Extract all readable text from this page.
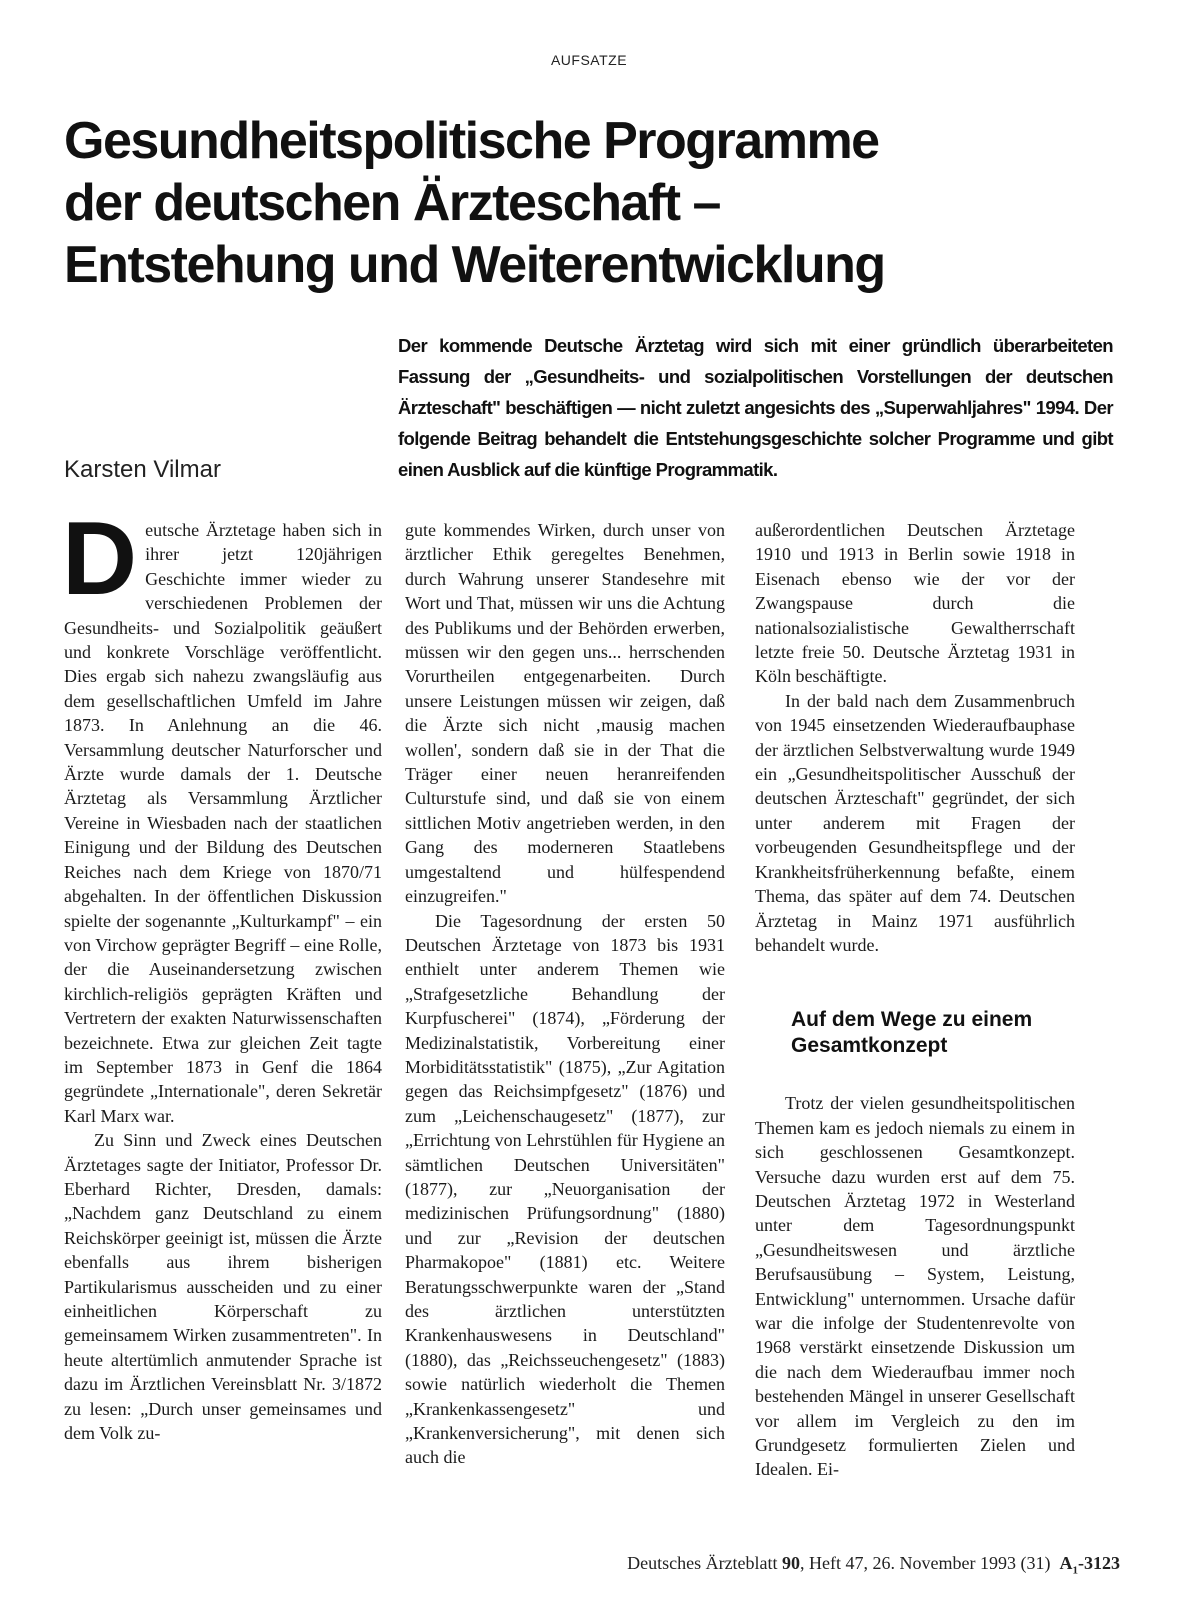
AUFSATZE
Gesundheitspolitische Programme
der deutschen Ärzteschaft –
Entstehung und Weiterentwicklung
Der kommende Deutsche Ärztetag wird sich mit einer gründlich überarbeiteten Fassung der „Gesundheits- und sozialpolitischen Vorstellungen der deutschen Ärzteschaft" beschäftigen — nicht zuletzt angesichts des „Superwahljahres" 1994. Der folgende Beitrag behandelt die Entstehungsgeschichte solcher Programme und gibt einen Ausblick auf die künftige Programmatik.
Karsten Vilmar

Deutsche Ärztetage haben sich in ihrer jetzt 120jährigen Geschichte immer wieder zu verschiedenen Problemen der Gesundheits- und Sozialpolitik geäußert und konkrete Vorschläge veröffentlicht. Dies ergab sich nahezu zwangsläufig aus dem gesellschaftlichen Umfeld im Jahre 1873. In Anlehnung an die 46. Versammlung deutscher Naturforscher und Ärzte wurde damals der 1. Deutsche Ärztetag als Versammlung Ärztlicher Vereine in Wiesbaden nach der staatlichen Einigung und der Bildung des Deutschen Reiches nach dem Kriege von 1870/71 abgehalten. In der öffentlichen Diskussion spielte der sogenannte „Kulturkampf" – ein von Virchow geprägter Begriff – eine Rolle, der die Auseinandersetzung zwischen kirchlich-religiös geprägten Kräften und Vertretern der exakten Naturwissenschaften bezeichnete. Etwa zur gleichen Zeit tagte im September 1873 in Genf die 1864 gegründete „Internationale", deren Sekretär Karl Marx war.

Zu Sinn und Zweck eines Deutschen Ärztetages sagte der Initiator, Professor Dr. Eberhard Richter, Dresden, damals: „Nachdem ganz Deutschland zu einem Reichskörper geeinigt ist, müssen die Ärzte ebenfalls aus ihrem bisherigen Partikularismus ausscheiden und zu einer einheitlichen Körperschaft zu gemeinsamem Wirken zusammentreten". In heute altertümlich anmutender Sprache ist dazu im Ärztlichen Vereinsblatt Nr. 3/1872 zu lesen: „Durch unser gemeinsames und dem Volk zu-

gute kommendes Wirken, durch unser von ärztlicher Ethik geregeltes Benehmen, durch Wahrung unserer Standesehre mit Wort und That, müssen wir uns die Achtung des Publikums und der Behörden erwerben, müssen wir den gegen uns... herrschenden Vorurtheilen entgegenarbeiten. Durch unsere Leistungen müssen wir zeigen, daß die Ärzte sich nicht ‚mausig machen wollen', sondern daß sie in der That die Träger einer neuen heranreifenden Culturstufe sind, und daß sie von einem sittlichen Motiv angetrieben werden, in den Gang des moderneren Staatlebens umgestaltend und hülfespendend einzugreifen."

Die Tagesordnung der ersten 50 Deutschen Ärztetage von 1873 bis 1931 enthielt unter anderem Themen wie „Strafgesetzliche Behandlung der Kurpfuscherei" (1874), „Förderung der Medizinalstatistik, Vorbereitung einer Morbiditätsstatistik" (1875), „Zur Agitation gegen das Reichsimpfgesetz" (1876) und zum „Leichenschaugesetz" (1877), zur „Errichtung von Lehrstühlen für Hygiene an sämtlichen Deutschen Universitäten" (1877), zur „Neuorganisation der medizinischen Prüfungsordnung" (1880) und zur „Revision der deutschen Pharmakopoe" (1881) etc. Weitere Beratungsschwerpunkte waren der „Stand des ärztlichen unterstützten Krankenhauswesens in Deutschland" (1880), das „Reichsseuchengesetz" (1883) sowie natürlich wiederholt die Themen „Krankenkassengesetz" und „Krankenversicherung", mit denen sich auch die

außerordentlichen Deutschen Ärztetage 1910 und 1913 in Berlin sowie 1918 in Eisenach ebenso wie der vor der Zwangspause durch die nationalsozialistische Gewaltherrschaft letzte freie 50. Deutsche Ärztetag 1931 in Köln beschäftigte.

In der bald nach dem Zusammenbruch von 1945 einsetzenden Wiederaufbauphase der ärztlichen Selbstverwaltung wurde 1949 ein „Gesundheitspolitischer Ausschuß der deutschen Ärzteschaft" gegründet, der sich unter anderem mit Fragen der vorbeugenden Gesundheitspflege und der Krankheitsfrüherkennung befaßte, einem Thema, das später auf dem 74. Deutschen Ärztetag in Mainz 1971 ausführlich behandelt wurde.

Auf dem Wege zu einem Gesamtkonzept

Trotz der vielen gesundheitspolitischen Themen kam es jedoch niemals zu einem in sich geschlossenen Gesamtkonzept. Versuche dazu wurden erst auf dem 75. Deutschen Ärztetag 1972 in Westerland unter dem Tagesordnungspunkt „Gesundheitswesen und ärztliche Berufsausübung – System, Leistung, Entwicklung" unternommen. Ursache dafür war die infolge der Studentenrevolte von 1968 verstärkt einsetzende Diskussion um die nach dem Wiederaufbau immer noch bestehenden Mängel in unserer Gesellschaft vor allem im Vergleich zu den im Grundgesetz formulierten Zielen und Idealen. Ei-

Deutsches Ärzteblatt 90, Heft 47, 26. November 1993 (31) $A_1-3123$
